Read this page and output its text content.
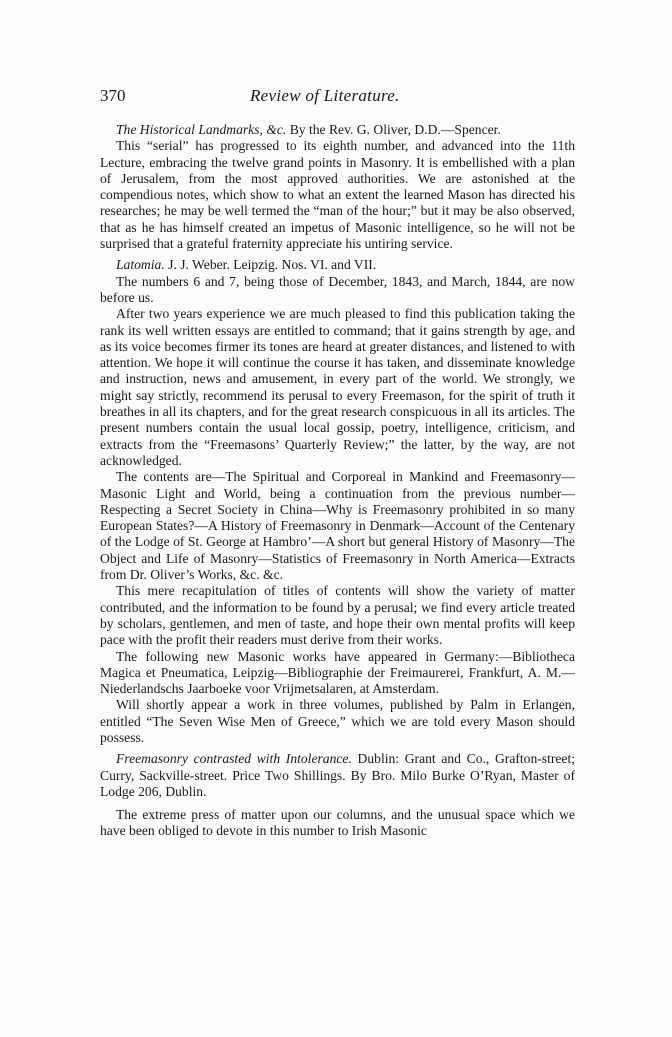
370	Review of Literature.

The Historical Landmarks, &c. By the Rev. G. Oliver, D.D.—Spencer.

This “serial” has progressed to its eighth number, and advanced into the 11th Lecture, embracing the twelve grand points in Masonry. It is embellished with a plan of Jerusalem, from the most approved authorities. We are astonished at the compendious notes, which show to what an extent the learned Mason has directed his researches; he may be well termed the “man of the hour;” but it may be also observed, that as he has himself created an impetus of Masonic intelligence, so he will not be surprised that a grateful fraternity appreciate his untiring service.

Latomia. J. J. Weber. Leipzig. Nos. VI. and VII.

The numbers 6 and 7, being those of December, 1843, and March, 1844, are now before us.

After two years experience we are much pleased to find this publication taking the rank its well written essays are entitled to command; that it gains strength by age, and as its voice becomes firmer its tones are heard at greater distances, and listened to with attention. We hope it will continue the course it has taken, and disseminate knowledge and instruction, news and amusement, in every part of the world. We strongly, we might say strictly, recommend its perusal to every Freemason, for the spirit of truth it breathes in all its chapters, and for the great research conspicuous in all its articles. The present numbers contain the usual local gossip, poetry, intelligence, criticism, and extracts from the “Freemasons’ Quarterly Review;” the latter, by the way, are not acknowledged.

The contents are—The Spiritual and Corporeal in Mankind and Freemasonry—Masonic Light and World, being a continuation from the previous number—Respecting a Secret Society in China—Why is Freemasonry prohibited in so many European States?—A History of Freemasonry in Denmark—Account of the Centenary of the Lodge of St. George at Hambro’—A short but general History of Masonry—The Object and Life of Masonry—Statistics of Freemasonry in North America—Extracts from Dr. Oliver’s Works, &c. &c.

This mere recapitulation of titles of contents will show the variety of matter contributed, and the information to be found by a perusal; we find every article treated by scholars, gentlemen, and men of taste, and hope their own mental profits will keep pace with the profit their readers must derive from their works.

The following new Masonic works have appeared in Germany:—Bibliotheca Magica et Pneumatica, Leipzig—Bibliographie der Freimaurerei, Frankfurt, A. M.—Niederlandschs Jaarboeke voor Vrijmetsalaren, at Amsterdam.

Will shortly appear a work in three volumes, published by Palm in Erlangen, entitled “The Seven Wise Men of Greece,” which we are told every Mason should possess.

Freemasonry contrasted with Intolerance. Dublin: Grant and Co., Grafton-street; Curry, Sackville-street. Price Two Shillings. By Bro. Milo Burke O’Ryan, Master of Lodge 206, Dublin.

The extreme press of matter upon our columns, and the unusual space which we have been obliged to devote in this number to Irish Masonic
